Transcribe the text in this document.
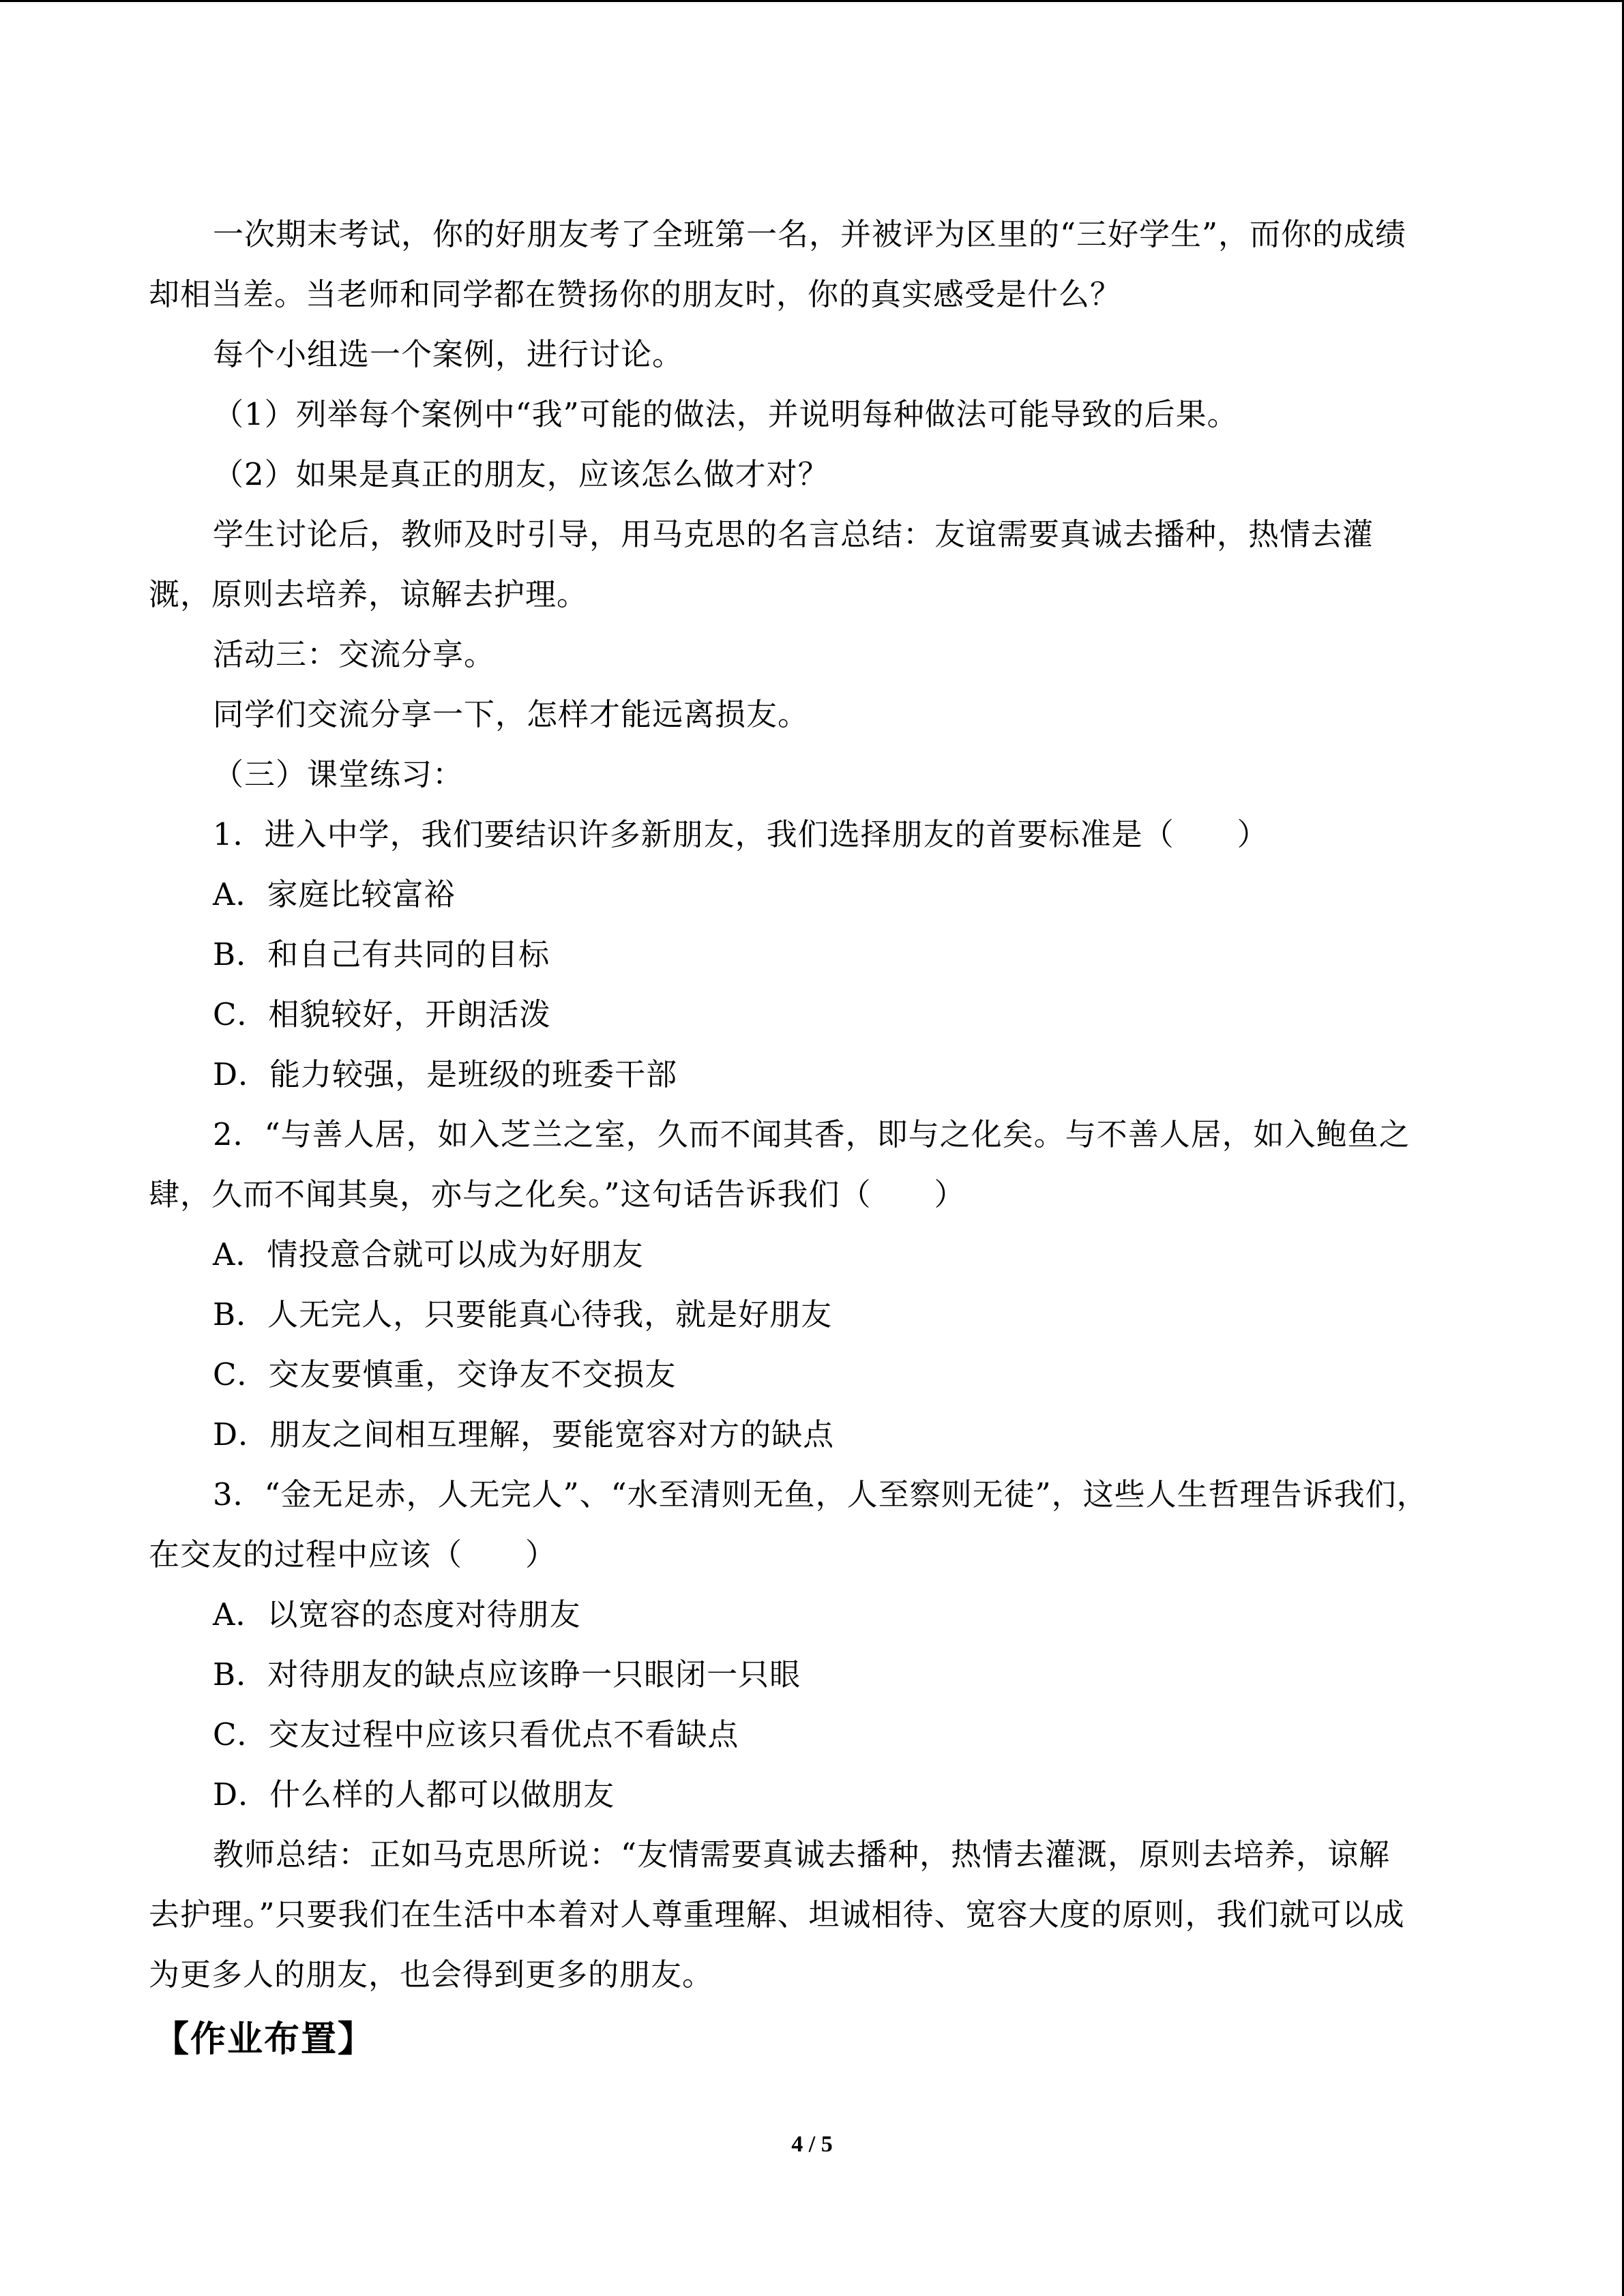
一次期末考试，你的好朋友考了全班第一名，并被评为区里的“三好学生”，而你的成绩
却相当差。当老师和同学都在赞扬你的朋友时，你的真实感受是什么？
每个小组选一个案例，进行讨论。
（1）列举每个案例中“我”可能的做法，并说明每种做法可能导致的后果。
（2）如果是真正的朋友，应该怎么做才对？
学生讨论后，教师及时引导，用马克思的名言总结：友谊需要真诚去播种，热情去灌
溉，原则去培养，谅解去护理。
活动三：交流分享。
同学们交流分享一下，怎样才能远离损友。
（三）课堂练习：
1．进入中学，我们要结识许多新朋友，我们选择朋友的首要标准是（　　）
A．家庭比较富裕
B．和自己有共同的目标
C．相貌较好，开朗活泼
D．能力较强，是班级的班委干部
2．“与善人居，如入芝兰之室，久而不闻其香，即与之化矣。与不善人居，如入鲍鱼之
肆，久而不闻其臭，亦与之化矣。”这句话告诉我们（　　）
A．情投意合就可以成为好朋友
B．人无完人，只要能真心待我，就是好朋友
C．交友要慎重，交诤友不交损友
D．朋友之间相互理解，要能宽容对方的缺点
3．“金无足赤，人无完人”、“水至清则无鱼，人至察则无徒”，这些人生哲理告诉我们，
在交友的过程中应该（　　）
A．以宽容的态度对待朋友
B．对待朋友的缺点应该睁一只眼闭一只眼
C．交友过程中应该只看优点不看缺点
D．什么样的人都可以做朋友
教师总结：正如马克思所说：“友情需要真诚去播种，热情去灌溉，原则去培养，谅解
去护理。”只要我们在生活中本着对人尊重理解、坦诚相待、宽容大度的原则，我们就可以成
为更多人的朋友，也会得到更多的朋友。
【作业布置】
4 / 5
